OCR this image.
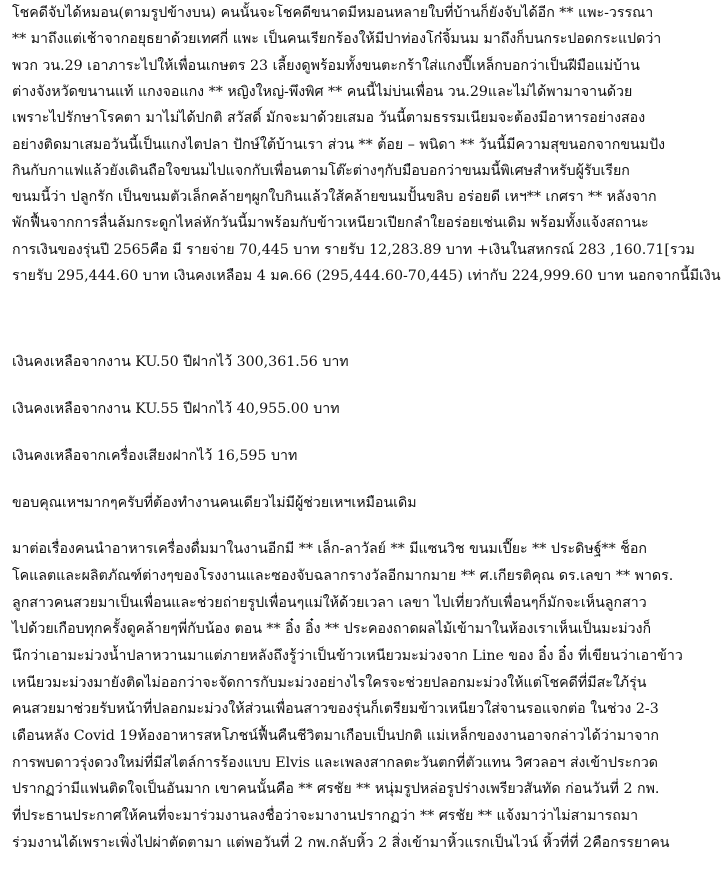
โชคดีจับได้หมอน(ตามรูปข้างบน) คนนั้นจะโชคดีขนาดมีหมอนหลายใบที่บ้านก็ยังจับได้อีก ** แพะ-วรรณา
** มาถึงแต่เช้าจากอยุธยาด้วยเทศกี่ แพะ เป็นคนเรียกร้องให้มีปาท่องโก๋จิ้มนม มาถึงก็บนกระปอดกระแปดว่า
พวก วน.29 เอาภาระไปให้เพื่อนเกษตร 23 เลี้ยงดูพร้อมทั้งขนตะกร้าใส่แกงปี๊เหล็กบอกว่าเป็นฝีมือแม่บ้าน
ต่างจังหวัดขนานแท้ แกงจอแกง ** หญิงใหญ่-พึงพิศ ** คนนี้ไม่บ่นเพื่อน วน.29และไม่ได้พามาจานด้วย
เพราะไปรักษาโรคตา มาไม่ได้ปกติ สวัสดิ์ มักจะมาด้วยเสมอ วันนี้ตามธรรมเนียมจะต้องมีอาหารอย่างสอง
อย่างติดมาเสมอวันนี้เป็นแกงไตปลา ปักษ์ใต้บ้านเรา ส่วน ** ต้อย – พนิดา ** วันนี้มีความสุขนอกจากขนมปัง
กินกับกาแฟแล้วยังเดินถือใจขนมไปแจกกับเพื่อนตามโต๊ะต่างๆกับมือบอกว่าขนมนี้พิเศษสำหรับผู้รับเรียก
ขนมนี้ว่า ปลูกรัก เป็นขนมตัวเล็กคล้ายๆผูกใบกินแล้วใส้คล้ายขนมปั้นขลิบ อร่อยดี เหฯ** เกศรา ** หลังจาก
พักฟื้นจากการลื่นล้มกระดูกไหล่หักวันนี้มาพร้อมกับข้าวเหนียวเปียกลำใยอร่อยเช่นเดิม พร้อมทั้งแจ้งสถานะ
การเงินของรุ่นปี 2565คือ มี รายจ่าย 70,445 บาท รายรับ 12,283.89 บาท +เงินในสหกรณ์ 283 ,160.71[รวม
รายรับ 295,444.60 บาท เงินคงเหลือม 4 มค.66 (295,444.60-70,445) เท่ากับ 224,999.60 บาท นอกจากนี้มีเงิน
เงินคงเหลือจากงาน KU.50 ปีฝากไว้ 300,361.56 บาท
เงินคงเหลือจากงาน KU.55 ปีฝากไว้ 40,955.00 บาท
เงินคงเหลือจากเครื่องเสียงฝากไว้ 16,595 บาท
ขอบคุณเหฯมากๆครับที่ต้องทำงานคนเดียวไม่มีผู้ช่วยเหฯเหมือนเดิม
มาต่อเรื่องคนนำอาหารเครื่องดื่มมาในงานอีกมี ** เล็ก-ลาวัลย์ ** มีแซนวิช ขนมเปี๊ยะ ** ประดิษฐ์** ช็อก
โคแลตและผลิตภัณฑ์ต่างๆของโรงงานและซองจับฉลากรางวัลอีกมากมาย ** ศ.เกียรติคุณ ดร.เลขา ** พาดร.
ลูกสาวคนสวยมาเป็นเพื่อนและช่วยถ่ายรูปเพื่อนๆแม่ให้ด้วยเวลา เลขา ไปเที่ยวกับเพื่อนๆก็มักจะเห็นลูกสาว
ไปด้วยเกือบทุกครั้งดูคล้ายๆพี่กับน้อง ตอน ** อิ๋ง อิ๋ง ** ประคองถาดผลไม้เข้ามาในห้องเราเห็นเป็นมะม่วงก็
นึกว่าเอามะม่วงน้ำปลาหวานมาแต่ภายหลังถึงรู้ว่าเป็นข้าวเหนียวมะม่วงจาก Line ของ อิ๋ง อิ๋ง ที่เขียนว่าเอาข้าว
เหนียวมะม่วงมายังติดไม่ออกว่าจะจัดการกับมะม่วงอย่างไรใครจะช่วยปลอกมะม่วงให้แต่โชคดีที่มีสะใภ้รุ่น
คนสวยมาช่วยรับหน้าที่ปลอกมะม่วงให้ส่วนเพื่อนสาวของรุ่นก็เตรียมข้าวเหนียวใส่จานรอแจกต่อ ในช่วง 2-3
เดือนหลัง Covid 19ห้องอาหารสหโภชน์ฟื้นคืนชีวิตมาเกือบเป็นปกติ แม่เหล็กของงานอาจกล่าวได้ว่ามาจาก
การพบดาวรุ่งดวงใหม่ที่มีสไตล์การร้องแบบ Elvis และเพลงสากลตะวันตกที่ตัวแทน วิศวลอฯ ส่งเข้าประกวด
ปรากฏว่ามีแฟนติดใจเป็นอันมาก เขาคนนั้นคือ ** ศรชัย ** หนุ่มรูปหล่อรูปร่างเพรียวสันทัด ก่อนวันที่ 2 กพ.
ที่ประธานประกาศให้คนที่จะมาร่วมงานลงชื่อว่าจะมางานปรากฏว่า ** ศรชัย ** แจ้งมาว่าไม่สามารถมา
ร่วมงานได้เพราะเพิ่งไปผ่าตัดตามา แต่พอวันที่ 2 กพ.กลับหิ้ว 2 สิ่งเข้ามาหิ้วแรกเป็นไวน์ หิ้วที่ที่ 2คือกรรยาคน
